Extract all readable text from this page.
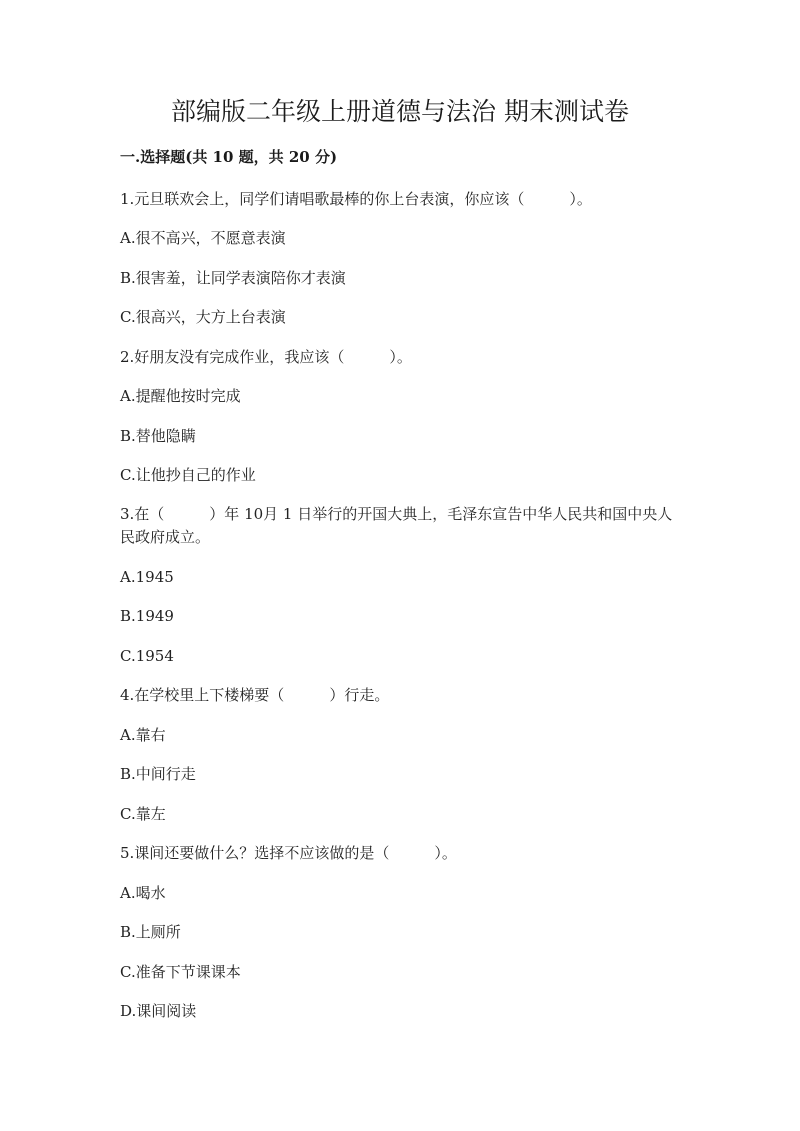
部编版二年级上册道德与法治 期末测试卷
一.选择题(共 10 题，共 20 分)
1.元旦联欢会上，同学们请唱歌最棒的你上台表演，你应该（　　　）。
A.很不高兴，不愿意表演
B.很害羞，让同学表演陪你才表演
C.很高兴，大方上台表演
2.好朋友没有完成作业，我应该（　　　）。
A.提醒他按时完成
B.替他隐瞒
C.让他抄自己的作业
3.在（　　　）年 10月 1 日举行的开国大典上，毛泽东宣告中华人民共和国中央人民政府成立。
A.1945
B.1949
C.1954
4.在学校里上下楼梯要（　　　）行走。
A.靠右
B.中间行走
C.靠左
5.课间还要做什么？选择不应该做的是（　　　）。
A.喝水
B.上厕所
C.准备下节课课本
D.课间阅读
